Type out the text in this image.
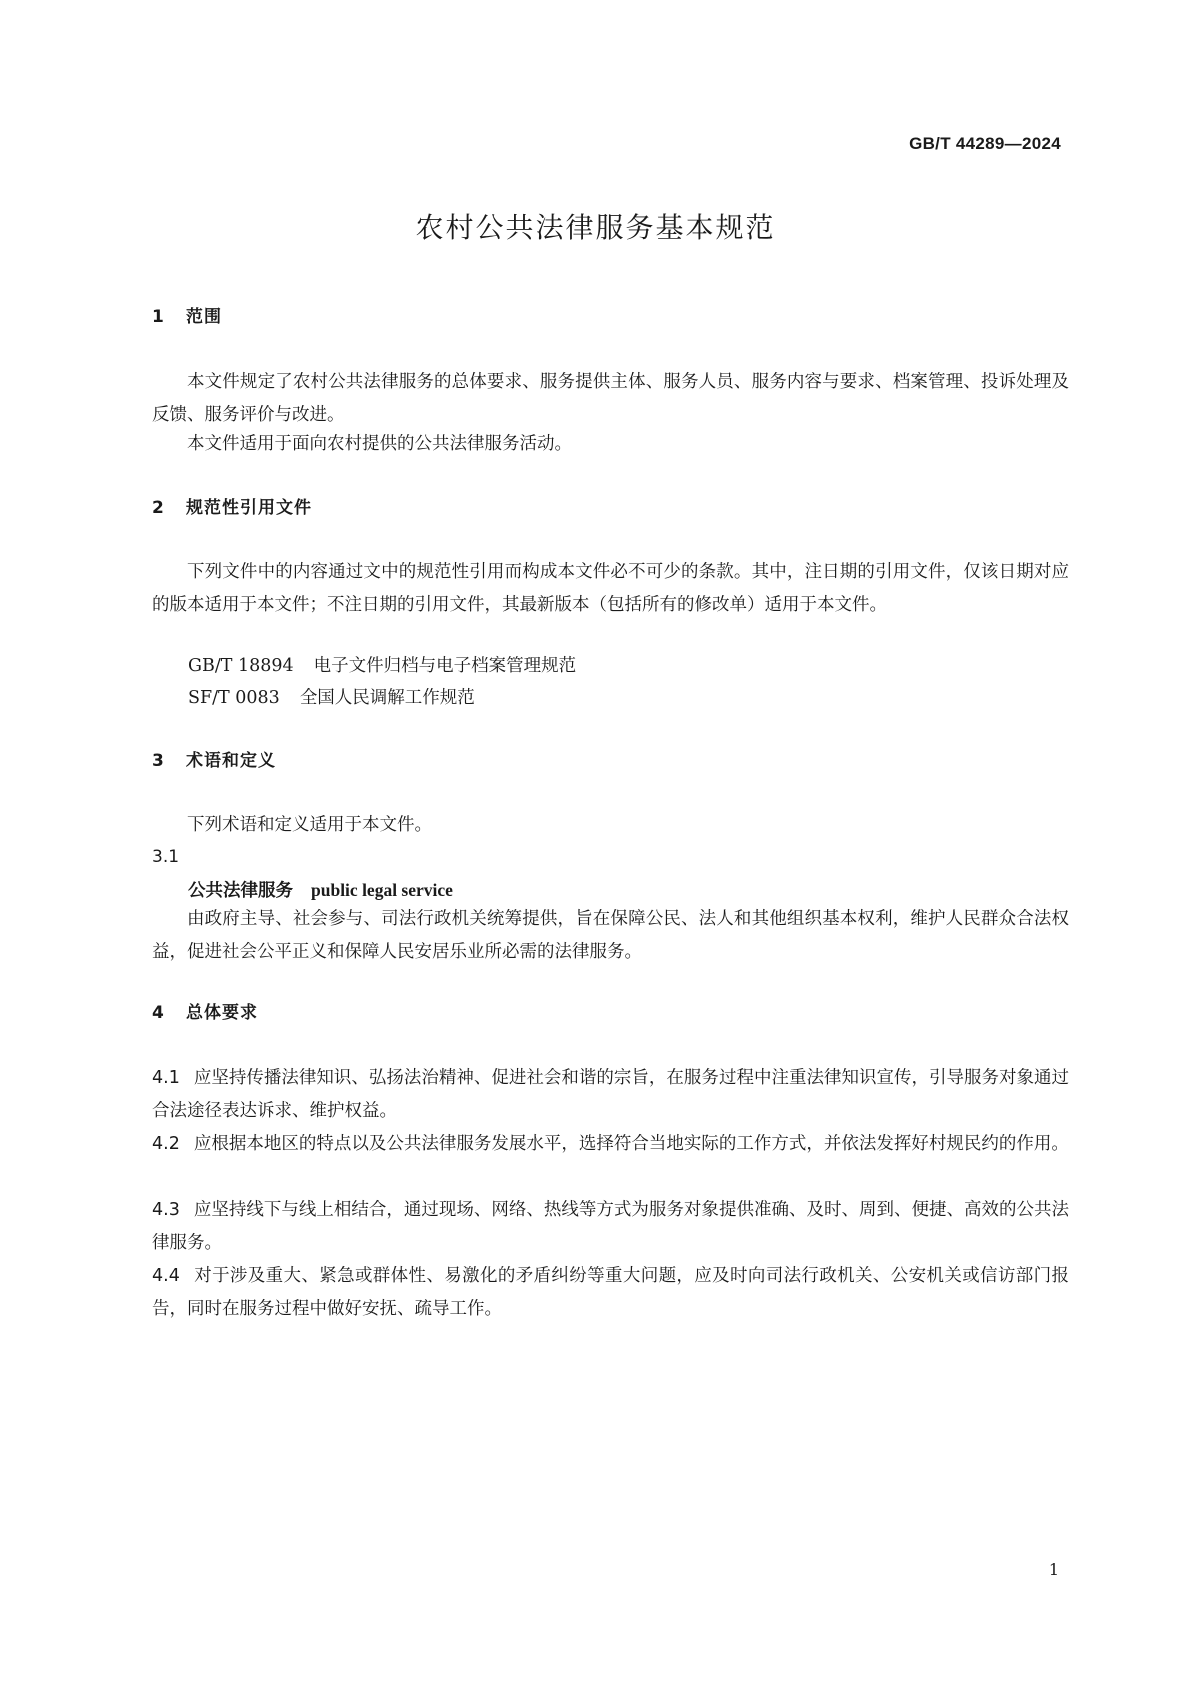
GB/T 44289—2024
农村公共法律服务基本规范
1 范围
本文件规定了农村公共法律服务的总体要求、服务提供主体、服务人员、服务内容与要求、档案管理、投诉处理及反馈、服务评价与改进。
本文件适用于面向农村提供的公共法律服务活动。
2 规范性引用文件
下列文件中的内容通过文中的规范性引用而构成本文件必不可少的条款。其中，注日期的引用文件，仅该日期对应的版本适用于本文件；不注日期的引用文件，其最新版本（包括所有的修改单）适用于本文件。
GB/T 18894 电子文件归档与电子档案管理规范
SF/T 0083 全国人民调解工作规范
3 术语和定义
下列术语和定义适用于本文件。
3.1
公共法律服务 public legal service
由政府主导、社会参与、司法行政机关统筹提供，旨在保障公民、法人和其他组织基本权利，维护人民群众合法权益，促进社会公平正义和保障人民安居乐业所必需的法律服务。
4 总体要求
4.1 应坚持传播法律知识、弘扬法治精神、促进社会和谐的宗旨，在服务过程中注重法律知识宣传，引导服务对象通过合法途径表达诉求、维护权益。
4.2 应根据本地区的特点以及公共法律服务发展水平，选择符合当地实际的工作方式，并依法发挥好村规民约的作用。
4.3 应坚持线下与线上相结合，通过现场、网络、热线等方式为服务对象提供准确、及时、周到、便捷、高效的公共法律服务。
4.4 对于涉及重大、紧急或群体性、易激化的矛盾纠纷等重大问题，应及时向司法行政机关、公安机关或信访部门报告，同时在服务过程中做好安抚、疏导工作。
1
